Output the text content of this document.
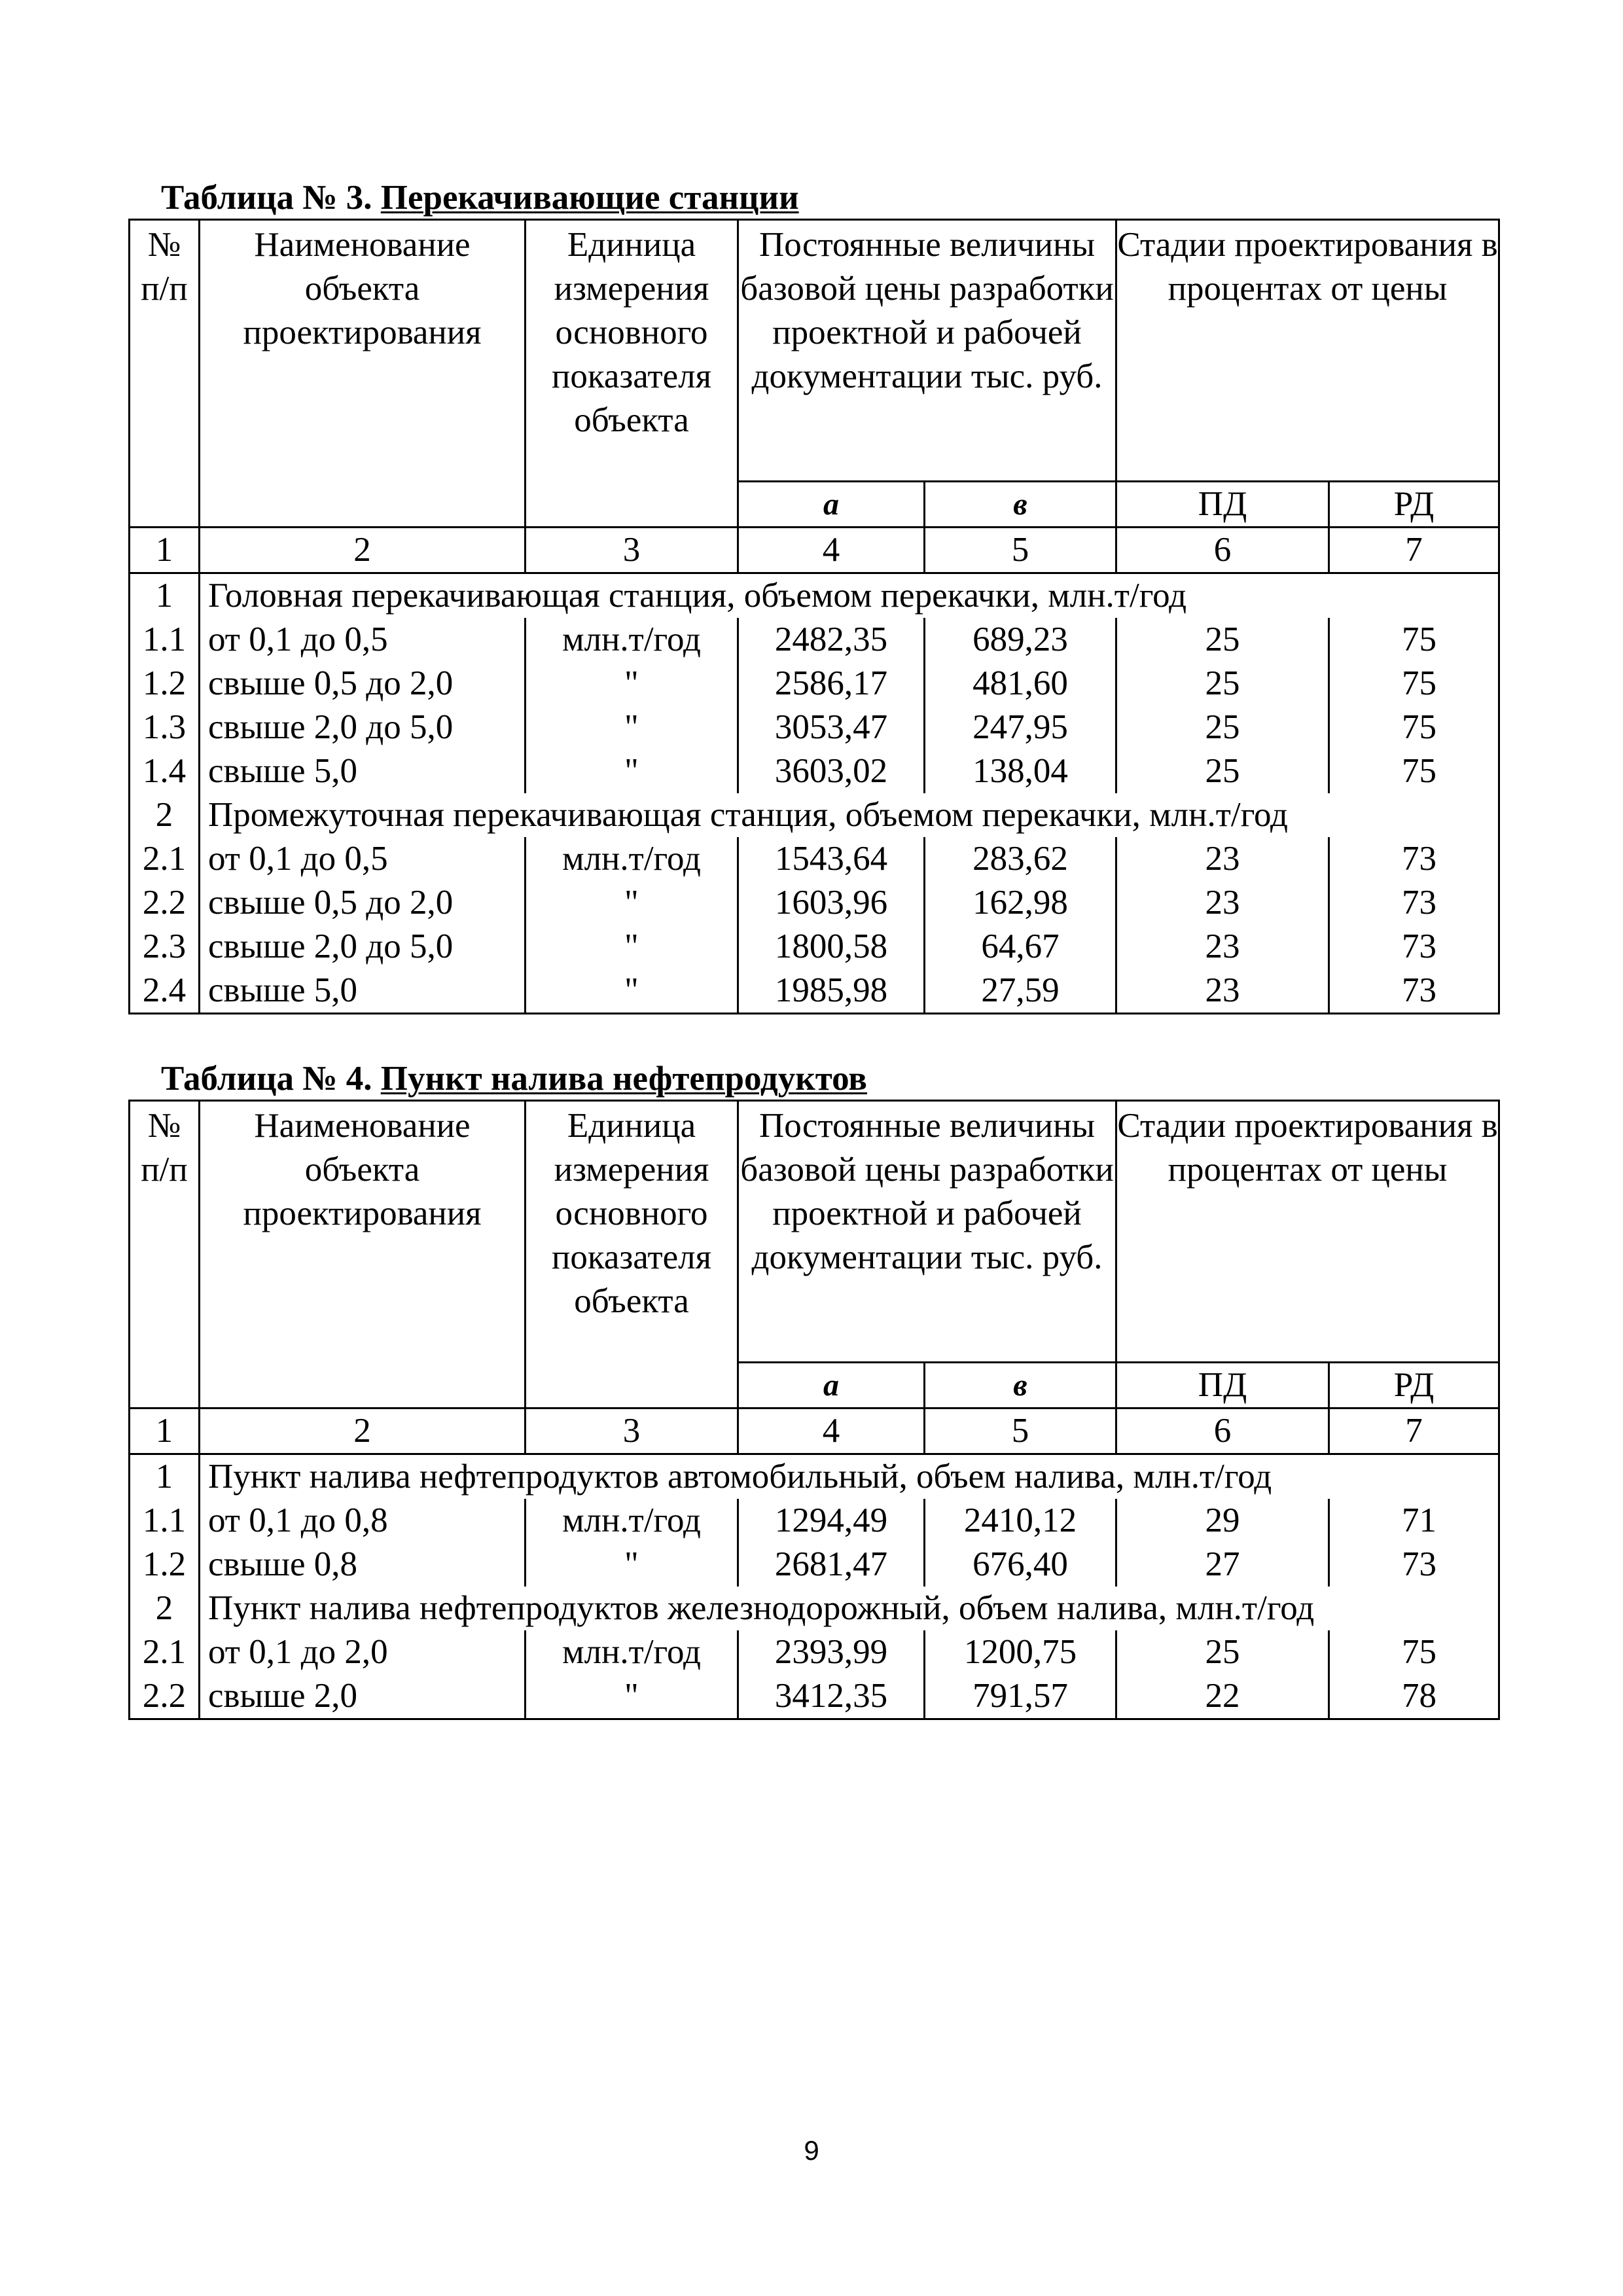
Таблица № 3. Перекачивающие станции
№ п/п	Наименование объекта проектирования	Единица измерения основного показателя объекта	Постоянные величины базовой цены разработки проектной и рабочей документации тыс. руб.		Стадии проектирования в процентах от цены	
			а	в	ПД	РД
1	2	3	4	5	6	7
1	Головная перекачивающая станция, объемом перекачки, млн.т/год					
1.1	от 0,1 до 0,5	млн.т/год	2482,35	689,23	25	75
1.2	свыше 0,5 до 2,0	"	2586,17	481,60	25	75
1.3	свыше 2,0 до 5,0	"	3053,47	247,95	25	75
1.4	свыше 5,0	"	3603,02	138,04	25	75
2	Промежуточная перекачивающая станция, объемом перекачки, млн.т/год					
2.1	от 0,1 до 0,5	млн.т/год	1543,64	283,62	23	73
2.2	свыше 0,5 до 2,0	"	1603,96	162,98	23	73
2.3	свыше 2,0 до 5,0	"	1800,58	64,67	23	73
2.4	свыше 5,0	"	1985,98	27,59	23	73
Таблица № 4. Пункт налива нефтепродуктов
№ п/п	Наименование объекта проектирования	Единица измерения основного показателя объекта	Постоянные величины базовой цены разработки проектной и рабочей документации тыс. руб.		Стадии проектирования в процентах от цены	
			а	в	ПД	РД
1	2	3	4	5	6	7
1	Пункт налива нефтепродуктов автомобильный, объем налива, млн.т/год					
1.1	от 0,1 до 0,8	млн.т/год	1294,49	2410,12	29	71
1.2	свыше 0,8	"	2681,47	676,40	27	73
2	Пункт налива нефтепродуктов железнодорожный, объем налива, млн.т/год					
2.1	от 0,1 до 2,0	млн.т/год	2393,99	1200,75	25	75
2.2	свыше 2,0	"	3412,35	791,57	22	78
9
